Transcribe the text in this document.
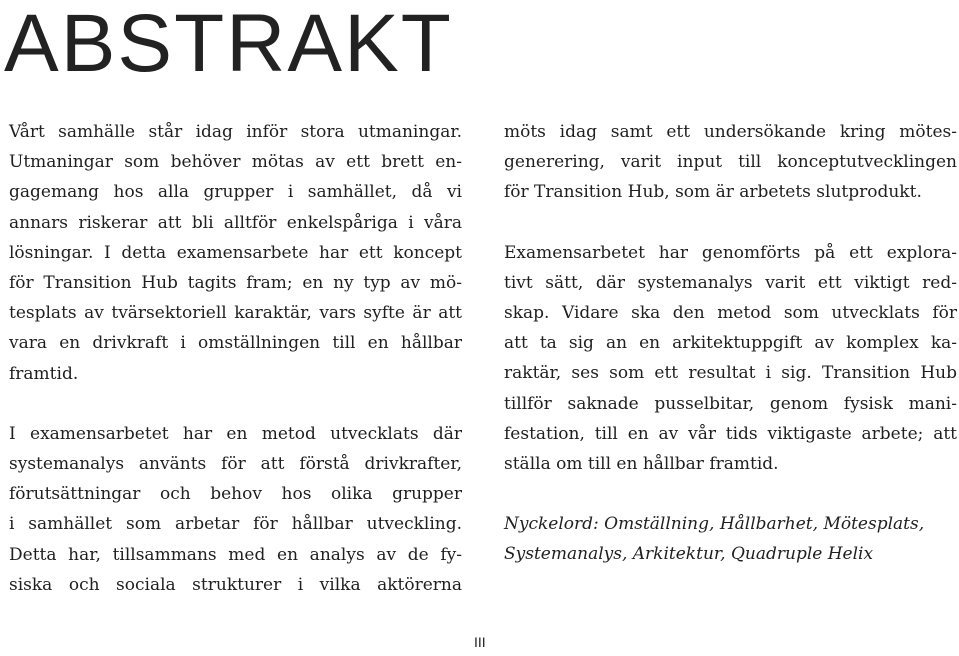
ABSTRAKT
Vårt samhälle står idag inför stora utmaningar.
Utmaningar som behöver mötas av ett brett en-
gagemang hos alla grupper i samhället, då vi
annars riskerar att bli alltför enkelspåriga i våra
lösningar. I detta examensarbete har ett koncept
för Transition Hub tagits fram; en ny typ av mö-
tesplats av tvärsektoriell karaktär, vars syfte är att
vara en drivkraft i omställningen till en hållbar
framtid.
I examensarbetet har en metod utvecklats där
systemanalys använts för att förstå drivkrafter,
förutsättningar och behov hos olika grupper
i samhället som arbetar för hållbar utveckling.
Detta har, tillsammans med en analys av de fy-
siska och sociala strukturer i vilka aktörerna
möts idag samt ett undersökande kring mötes-
generering, varit input till konceptutvecklingen
för Transition Hub, som är arbetets slutprodukt.
Examensarbetet har genomförts på ett explora-
tivt sätt, där systemanalys varit ett viktigt red-
skap. Vidare ska den metod som utvecklats för
att ta sig an en arkitektuppgift av komplex ka-
raktär, ses som ett resultat i sig. Transition Hub
tillför saknade pusselbitar, genom fysisk mani-
festation, till en av vår tids viktigaste arbete; att
ställa om till en hållbar framtid.
Nyckelord: Omställning, Hållbarhet, Mötesplats,
Systemanalys, Arkitektur, Quadruple Helix
III
